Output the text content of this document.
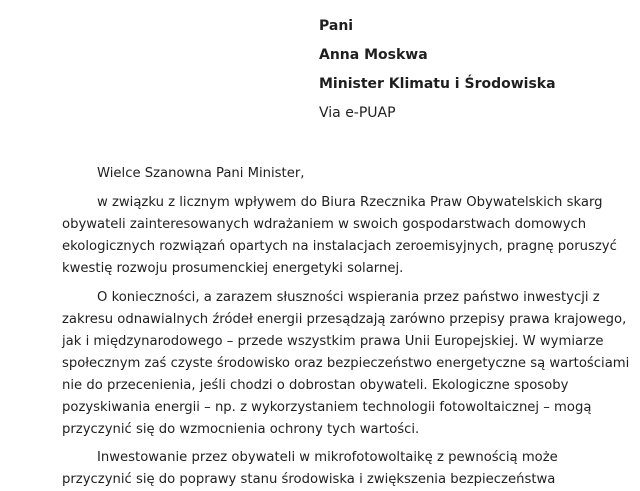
Pani
Anna Moskwa
Minister Klimatu i Środowiska
Via e-PUAP

Wielce Szanowna Pani Minister,

w związku z licznym wpływem do Biura Rzecznika Praw Obywatelskich skarg
obywateli zainteresowanych wdrażaniem w swoich gospodarstwach domowych
ekologicznych rozwiązań opartych na instalacjach zeroemisyjnych, pragnę poruszyć
kwestię rozwoju prosumenckiej energetyki solarnej.

O konieczności, a zarazem słuszności wspierania przez państwo inwestycji z
zakresu odnawialnych źródeł energii przesądzają zarówno przepisy prawa krajowego,
jak i międzynarodowego – przede wszystkim prawa Unii Europejskiej. W wymiarze
społecznym zaś czyste środowisko oraz bezpieczeństwo energetyczne są wartościami
nie do przecenienia, jeśli chodzi o dobrostan obywateli. Ekologiczne sposoby
pozyskiwania energii – np. z wykorzystaniem technologii fotowoltaicznej – mogą
przyczynić się do wzmocnienia ochrony tych wartości.

Inwestowanie przez obywateli w mikrofotowoltaikę z pewnością może
przyczynić się do poprawy stanu środowiska i zwiększenia bezpieczeństwa
